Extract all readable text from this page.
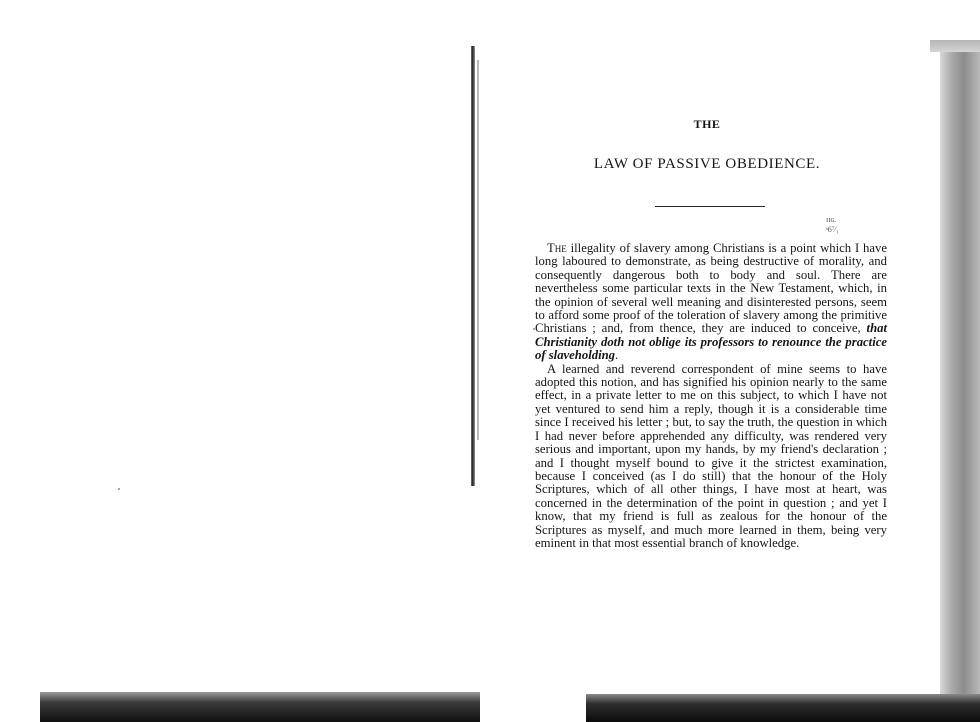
THE
LAW OF PASSIVE OBEDIENCE.
ɪɪɢ.
ˢ6⁷⁄₁

The illegality of slavery among Christians is a point which I have long laboured to demonstrate, as being destructive of morality, and consequently dangerous both to body and soul. There are nevertheless some particular texts in the New Testament, which, in the opinion of several well meaning and disinterested persons, seem to afford some proof of the toleration of slavery among the primitive Christians ; and, from thence, they are induced to conceive, that Christianity doth not oblige its professors to renounce the practice of slaveholding.

A learned and reverend correspondent of mine seems to have adopted this notion, and has signified his opinion nearly to the same effect, in a private letter to me on this subject, to which I have not yet ventured to send him a reply, though it is a considerable time since I received his letter ; but, to say the truth, the question in which I had never before apprehended any difficulty, was rendered very serious and important, upon my hands, by my friend's declaration ; and I thought myself bound to give it the strictest examination, because I conceived (as I do still) that the honour of the Holy Scriptures, which of all other things, I have most at heart, was concerned in the determination of the point in question ; and yet I know, that my friend is full as zealous for the honour of the Scriptures as myself, and much more learned in them, being very eminent in that most essential branch of knowledge.
